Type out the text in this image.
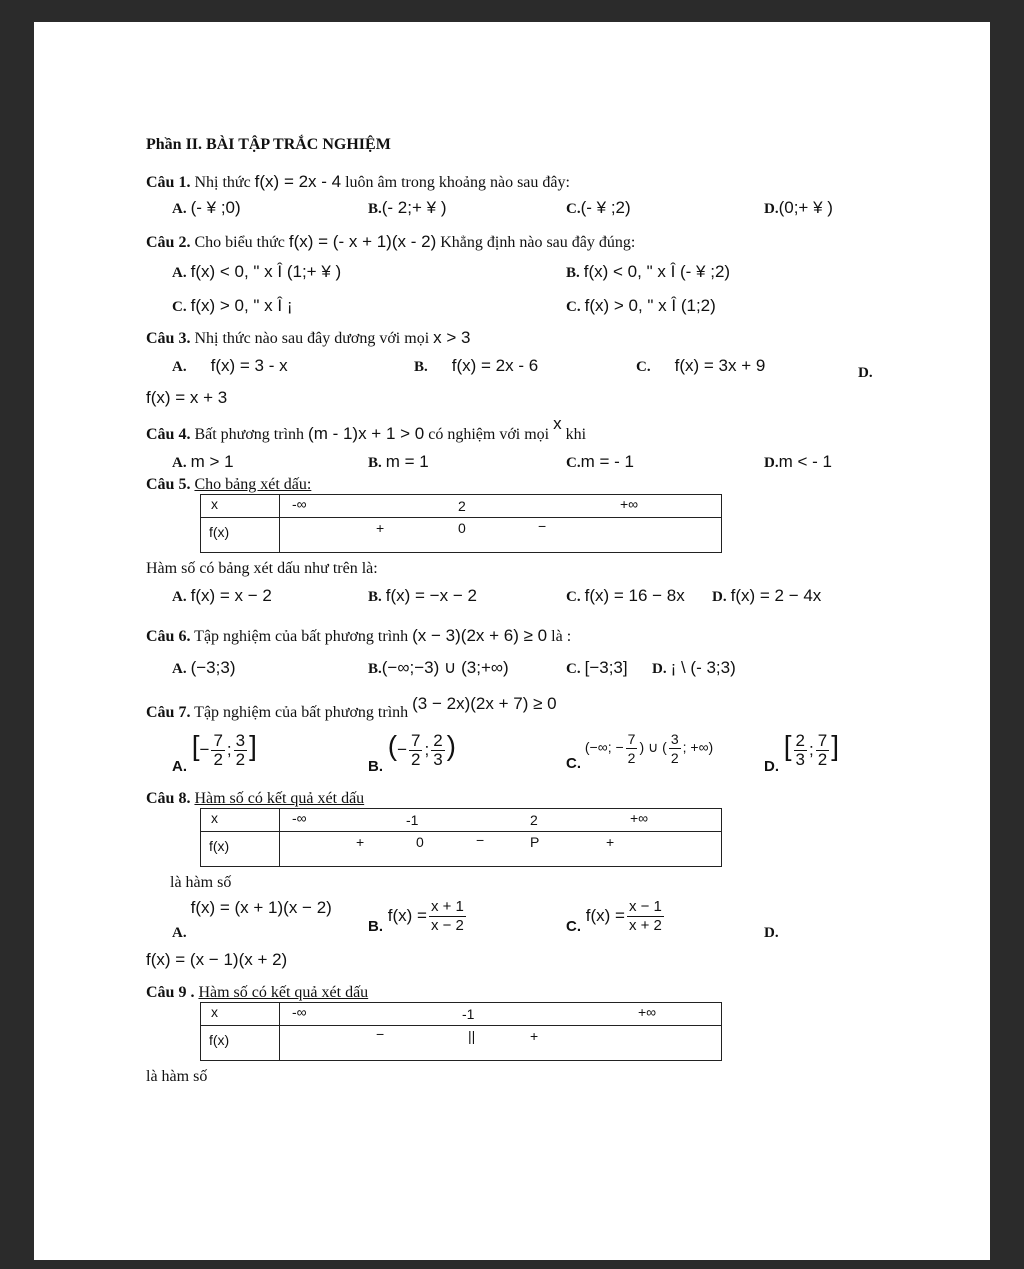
Phần II. BÀI TẬP TRẮC NGHIỆM
Câu 1. Nhị thức f(x) = 2x - 4 luôn âm trong khoảng nào sau đây:
A. (- ¥ ;0)	B.(- 2;+ ¥ )	C.(- ¥ ;2)	D.(0;+ ¥ )
Câu 2. Cho biểu thức f(x) = (- x + 1)(x - 2) Khẳng định nào sau đây đúng:
A. f(x) < 0, " x Î (1;+ ¥ )	B. f(x) < 0, " x Î (- ¥ ;2)
C. f(x) > 0, " x Î ¡	C. f(x) > 0, " x Î (1;2)
Câu 3. Nhị thức nào sau đây dương với mọi x > 3
A. f(x) = 3 - x	B. f(x) = 2x - 6	C. f(x) = 3x + 9	D.
f(x) = x + 3
Câu 4. Bất phương trình (m - 1)x + 1 > 0 có nghiệm với mọi x khi
A. m > 1	B. m = 1	C.m = - 1	D.m < - 1
Câu 5. Cho bảng xét dấu:
x	-∞ 2 +∞

f(x)	+ 0 −
Hàm số có bảng xét dấu như trên là:
A. f(x) = x − 2	B. f(x) = −x − 2	C. f(x) = 16 − 8x D. f(x) = 2 − 4x
Câu 6. Tập nghiệm của bất phương trình (x − 3)(2x + 6) ≥ 0 là :
A. (−3;3)	B.(−∞;−3) ∪ (3;+∞)	C. [−3;3] D. ¡ \ (- 3;3)
Câu 7. Tập nghiệm của bất phương trình (3 − 2x)(2x + 7) ≥ 0
A. [− $\frac{7}{2}$ ; $\frac{3}{2}$ ]
B. (− $\frac{7}{2}$ ; $\frac{2}{3}$ )
C. (−∞; − $\frac{7}{2}$ ) ∪ ( $\frac{3}{2}$ ; +∞)
D. [ $\frac{2}{3}$ ; $\frac{7}{2}$ ]
Câu 8. Hàm số có kết quả xét dấu
x	-∞ -1 2 +∞

f(x)	+ 0 − P +
là hàm số
A. f(x) = (x + 1)(x − 2)
B. $f(x) = \frac{x + 1}{x - 2}$	C. $f(x) = \frac{x - 1}{x + 2}$	D.
f(x) = (x − 1)(x + 2)
Câu 9 . Hàm số có kết quả xét dấu
x	-∞ -1 +∞

f(x)	− || +
là hàm số
